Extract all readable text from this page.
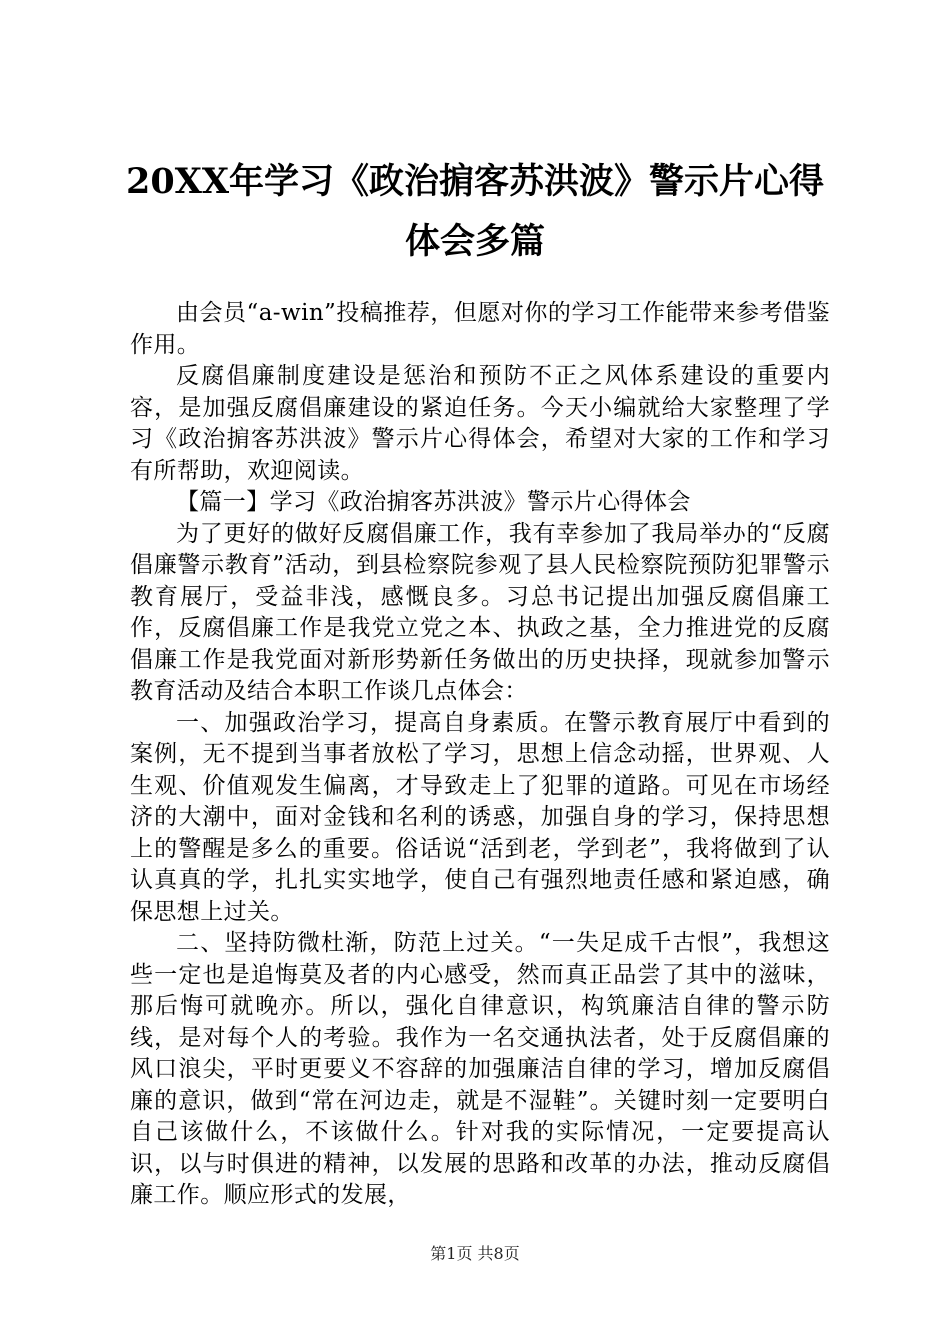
20XX年学习《政治掮客苏洪波》警示片心得
体会多篇

由会员“a-win”投稿推荐，但愿对你的学习工作能带来参考借鉴作用。

反腐倡廉制度建设是惩治和预防不正之风体系建设的重要内容，是加强反腐倡廉建设的紧迫任务。今天小编就给大家整理了学习《政治掮客苏洪波》警示片心得体会，希望对大家的工作和学习有所帮助，欢迎阅读。

【篇一】学习《政治掮客苏洪波》警示片心得体会

为了更好的做好反腐倡廉工作，我有幸参加了我局举办的“反腐倡廉警示教育”活动，到县检察院参观了县人民检察院预防犯罪警示教育展厅，受益非浅，感慨良多。习总书记提出加强反腐倡廉工作，反腐倡廉工作是我党立党之本、执政之基，全力推进党的反腐倡廉工作是我党面对新形势新任务做出的历史抉择，现就参加警示教育活动及结合本职工作谈几点体会：

一、加强政治学习，提高自身素质。在警示教育展厅中看到的案例，无不提到当事者放松了学习，思想上信念动摇，世界观、人生观、价值观发生偏离，才导致走上了犯罪的道路。可见在市场经济的大潮中，面对金钱和名利的诱惑，加强自身的学习，保持思想上的警醒是多么的重要。俗话说“活到老，学到老”，我将做到了认认真真的学，扎扎实实地学，使自己有强烈地责任感和紧迫感，确保思想上过关。

二、坚持防微杜渐，防范上过关。“一失足成千古恨”，我想这些一定也是追悔莫及者的内心感受，然而真正品尝了其中的滋味，那后悔可就晚亦。所以，强化自律意识，构筑廉洁自律的警示防线，是对每个人的考验。我作为一名交通执法者，处于反腐倡廉的风口浪尖，平时更要义不容辞的加强廉洁自律的学习，增加反腐倡廉的意识，做到“常在河边走，就是不湿鞋”。关键时刻一定要明白自己该做什么，不该做什么。针对我的实际情况，一定要提高认识，以与时俱进的精神，以发展的思路和改革的办法，推动反腐倡廉工作。顺应形式的发展，

第1页 共8页
